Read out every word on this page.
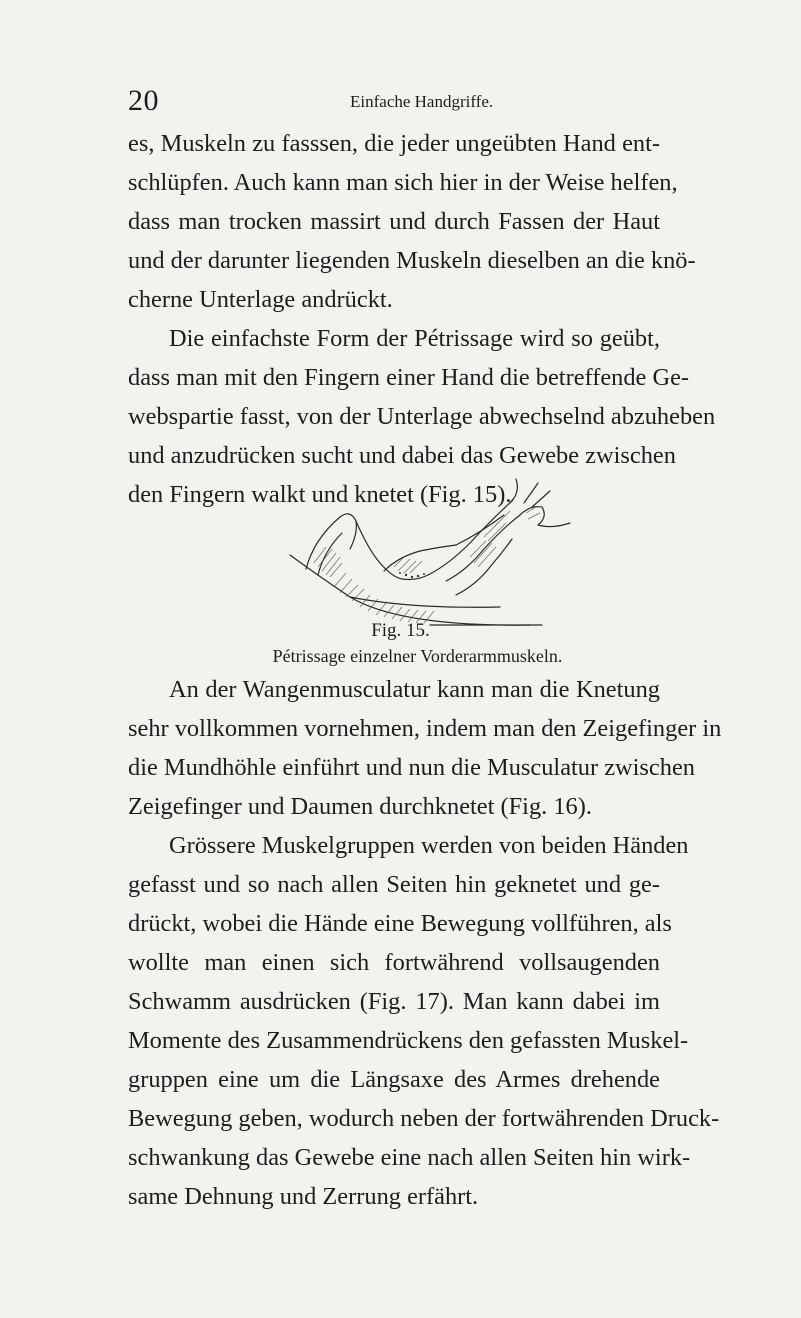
20	Einfache Handgriffe.
es, Muskeln zu fasssen, die jeder ungeübten Hand ent-
schlüpfen. Auch kann man sich hier in der Weise helfen,
dass man trocken massirt und durch Fassen der Haut
und der darunter liegenden Muskeln dieselben an die knö-
cherne Unterlage andrückt.
Die einfachste Form der Pétrissage wird so geübt,
dass man mit den Fingern einer Hand die betreffende Ge-
webspartie fasst, von der Unterlage abwechselnd abzuheben
und anzudrücken sucht und dabei das Gewebe zwischen
den Fingern walkt und knetet (Fig. 15).
Fig. 15.
Pétrissage einzelner Vorderarmmuskeln.
An der Wangenmusculatur kann man die Knetung
sehr vollkommen vornehmen, indem man den Zeigefinger in
die Mundhöhle einführt und nun die Musculatur zwischen
Zeigefinger und Daumen durchknetet (Fig. 16).
Grössere Muskelgruppen werden von beiden Händen
gefasst und so nach allen Seiten hin geknetet und ge-
drückt, wobei die Hände eine Bewegung vollführen, als
wollte man einen sich fortwährend vollsaugenden
Schwamm ausdrücken (Fig. 17). Man kann dabei im
Momente des Zusammendrückens den gefassten Muskel-
gruppen eine um die Längsaxe des Armes drehende
Bewegung geben, wodurch neben der fortwährenden Druck-
schwankung das Gewebe eine nach allen Seiten hin wirk-
same Dehnung und Zerrung erfährt.
